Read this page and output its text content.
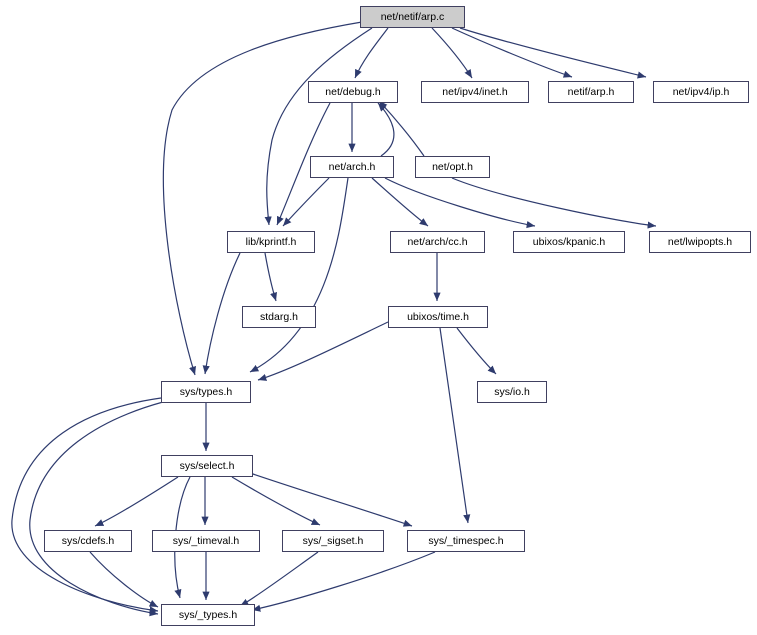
net/netif/arp.c
net/debug.h	net/ipv4/inet.h	netif/arp.h	net/ipv4/ip.h
net/arch.h	net/opt.h
lib/kprintf.h	net/arch/cc.h	ubixos/kpanic.h	net/lwipopts.h
stdarg.h	ubixos/time.h
sys/types.h	sys/io.h
sys/select.h
sys/cdefs.h	sys/_timeval.h	sys/_sigset.h	sys/_timespec.h
sys/_types.h
